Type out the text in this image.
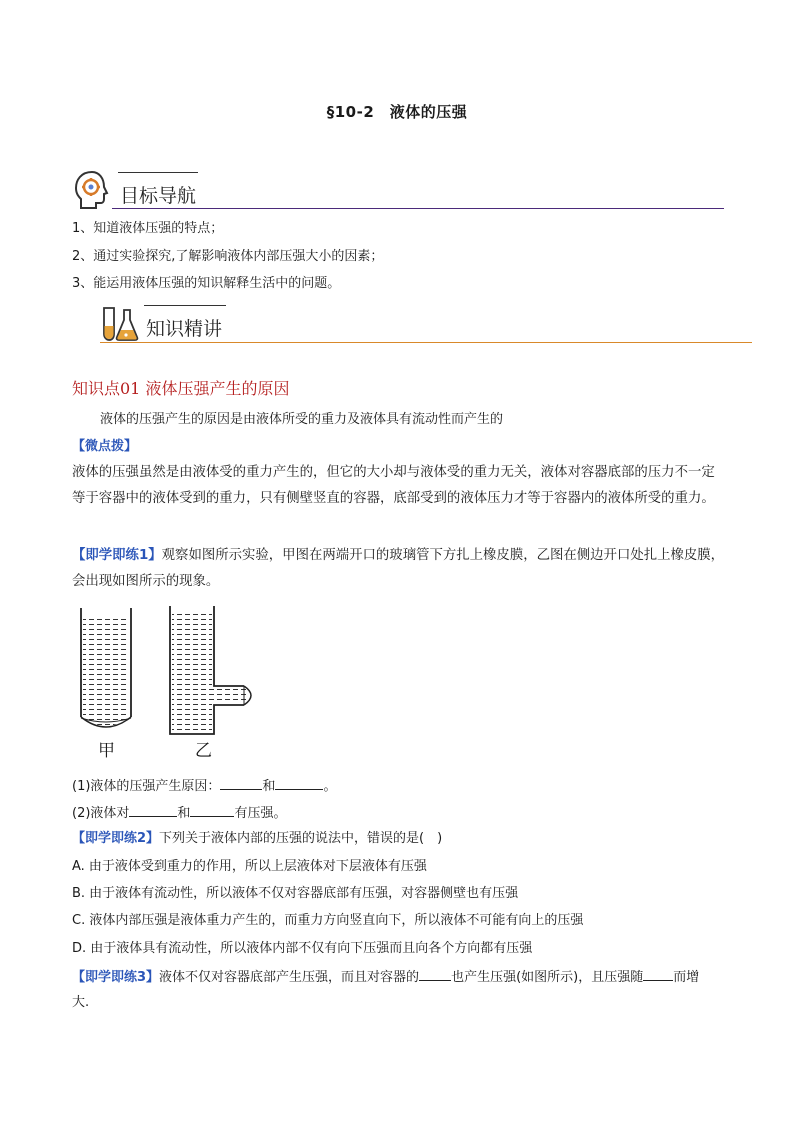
§10-2　液体的压强
目标导航
1、知道液体压强的特点；
2、通过实验探究,了解影响液体内部压强大小的因素；
3、能运用液体压强的知识解释生活中的问题。
知识精讲
知识点01 液体压强产生的原因
液体的压强产生的原因是由液体所受的重力及液体具有流动性而产生的
【微点拨】
液体的压强虽然是由液体受的重力产生的，但它的大小却与液体受的重力无关，液体对容器底部的压力不一定等于容器中的液体受到的重力，只有侧壁竖直的容器，底部受到的液体压力才等于容器内的液体所受的重力。
【即学即练1】观察如图所示实验，甲图在两端开口的玻璃管下方扎上橡皮膜，乙图在侧边开口处扎上橡皮膜，会出现如图所示的现象。
甲	乙
(1)液体的压强产生原因：	和	。
(2)液体对	和	有压强。
【即学即练2】下列关于液体内部的压强的说法中，错误的是(　)
A. 由于液体受到重力的作用，所以上层液体对下层液体有压强
B. 由于液体有流动性，所以液体不仅对容器底部有压强，对容器侧壁也有压强
C. 液体内部压强是液体重力产生的，而重力方向竖直向下，所以液体不可能有向上的压强
D. 由于液体具有流动性，所以液体内部不仅有向下压强而且向各个方向都有压强
【即学即练3】液体不仅对容器底部产生压强，而且对容器的 也产生压强(如图所示)，且压强随 而增
大.
